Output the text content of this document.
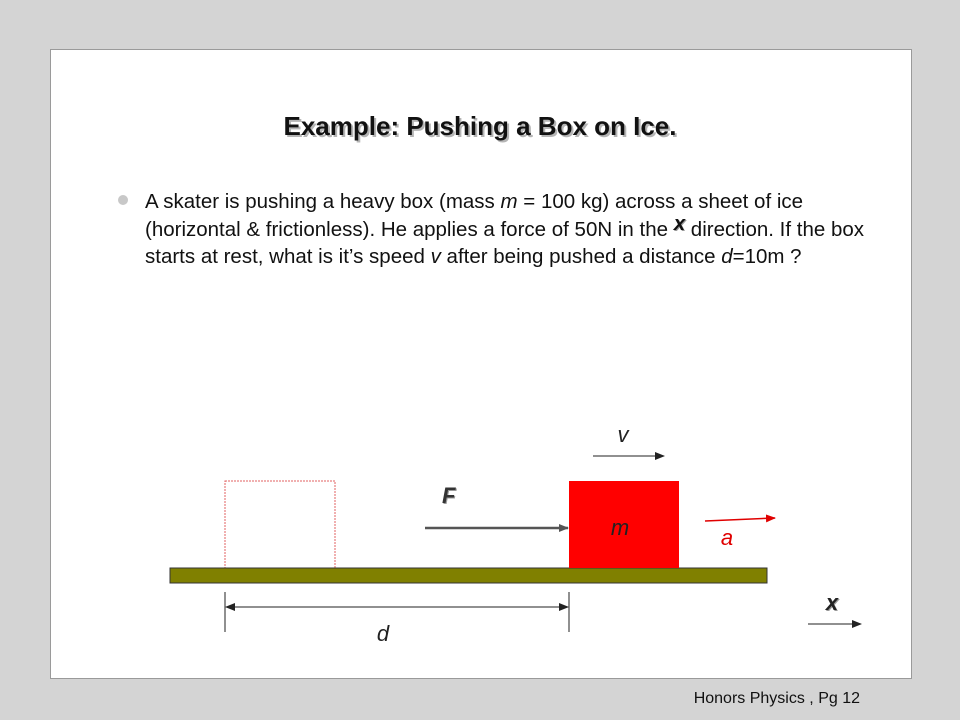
Example: Pushing a Box on Ice.

A skater is pushing a heavy box (mass m = 100 kg) across a sheet of ice (horizontal & frictionless). He applies a force of 50N in the x direction. If the box starts at rest, what is it’s speed v after being pushed a distance d=10m ?

m
F
v
a
x
d
Honors Physics , Pg 12
